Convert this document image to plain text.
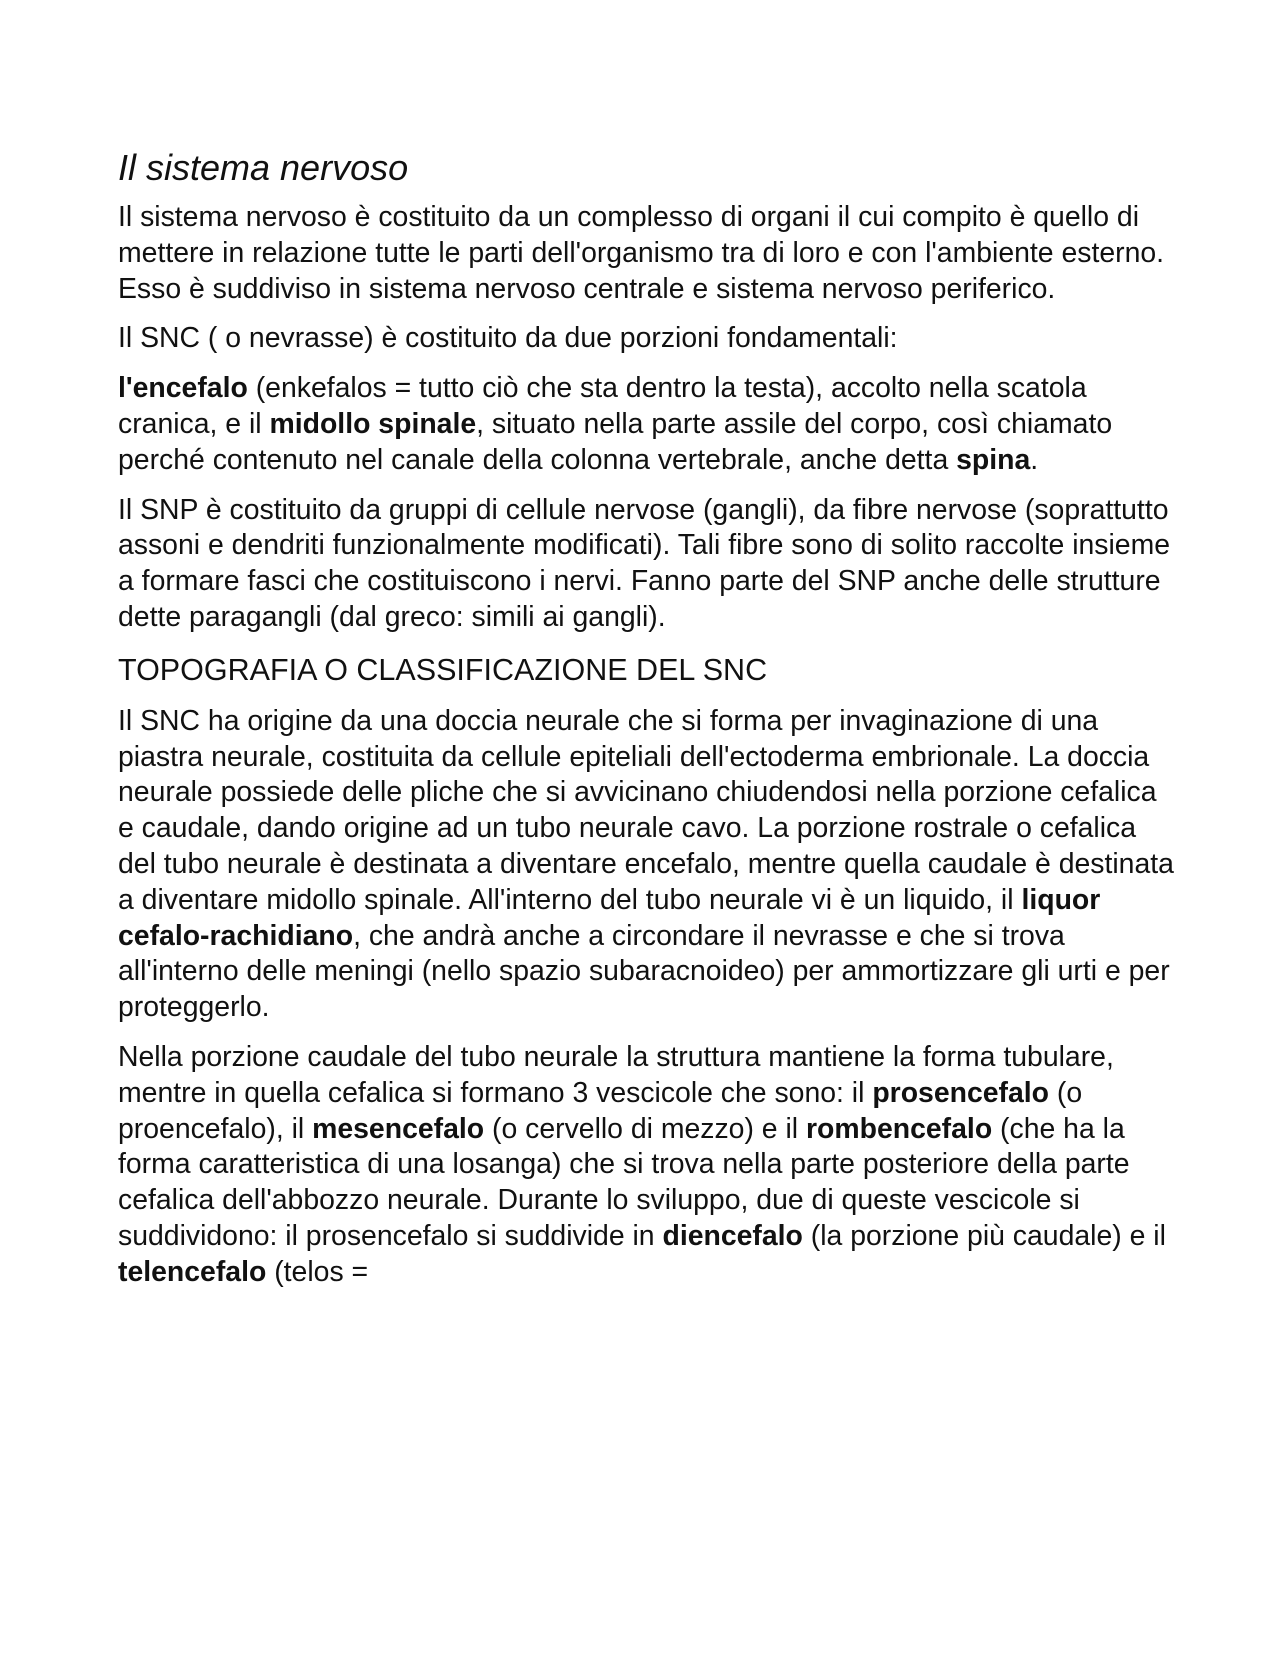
Il sistema nervoso

Il sistema nervoso è costituito da un complesso di organi il cui compito è quello di mettere in relazione tutte le parti dell'organismo tra di loro e con l'ambiente esterno. Esso è suddiviso in sistema nervoso centrale e sistema nervoso periferico.

Il SNC ( o nevrasse) è costituito da due porzioni fondamentali:

l'encefalo (enkefalos = tutto ciò che sta dentro la testa), accolto nella scatola cranica, e il midollo spinale, situato nella parte assile del corpo, così chiamato perché contenuto nel canale della colonna vertebrale, anche detta spina.

Il SNP è costituito da gruppi di cellule nervose (gangli), da fibre nervose (soprattutto assoni e dendriti funzionalmente modificati). Tali fibre sono di solito raccolte insieme a formare fasci che costituiscono i nervi. Fanno parte del SNP anche delle strutture dette paragangli (dal greco: simili ai gangli).

TOPOGRAFIA O CLASSIFICAZIONE DEL SNC

Il SNC ha origine da una doccia neurale che si forma per invaginazione di una piastra neurale, costituita da cellule epiteliali dell'ectoderma embrionale. La doccia neurale possiede delle pliche che si avvicinano chiudendosi nella porzione cefalica e caudale, dando origine ad un tubo neurale cavo. La porzione rostrale o cefalica del tubo neurale è destinata a diventare encefalo, mentre quella caudale è destinata a diventare midollo spinale. All'interno del tubo neurale vi è un liquido, il liquor cefalo-rachidiano, che andrà anche a circondare il nevrasse e che si trova all'interno delle meningi (nello spazio subaracnoideo) per ammortizzare gli urti e per proteggerlo.

Nella porzione caudale del tubo neurale la struttura mantiene la forma tubulare, mentre in quella cefalica si formano 3 vescicole che sono: il prosencefalo (o proencefalo), il mesencefalo (o cervello di mezzo) e il rombencefalo (che ha la forma caratteristica di una losanga) che si trova nella parte posteriore della parte cefalica dell'abbozzo neurale. Durante lo sviluppo, due di queste vescicole si suddividono: il prosencefalo si suddivide in diencefalo (la porzione più caudale) e il telencefalo (telos =
